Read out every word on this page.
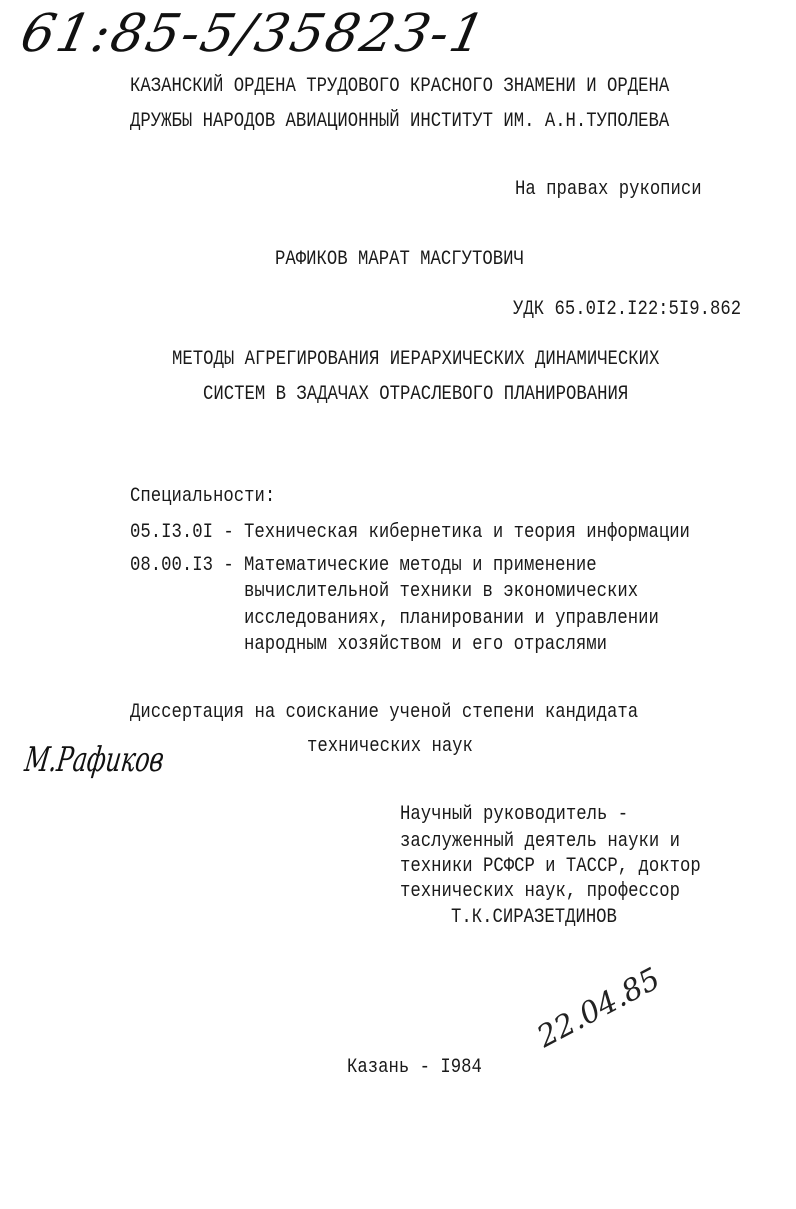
61:85-5/3582З-1
КАЗАНСКИЙ ОРДЕНА ТРУДОВОГО КРАСНОГО ЗНАМЕНИ И ОРДЕНА
ДРУЖБЫ НАРОДОВ АВИАЦИОННЫЙ ИНСТИТУТ ИМ. А.Н.ТУПОЛЕВА
На правах рукописи
РАФИКОВ МАРАТ МАСГУТОВИЧ
УДК 65.0I2.I22:5I9.862
МЕТОДЫ АГРЕГИРОВАНИЯ ИЕРАРХИЧЕСКИХ ДИНАМИЧЕСКИХ
СИСТЕМ В ЗАДАЧАХ ОТРАСЛЕВОГО ПЛАНИРОВАНИЯ
Специальности:
05.I3.0I - Техническая кибернетика и теория информации
08.00.I3 - Математические методы и применение
вычислительной техники в экономических
исследованиях, планировании и управлении
народным хозяйством и его отраслями
Диссертация на соискание ученой степени кандидата
технических наук
М.Рафиков
Научный руководитель -
заслуженный деятель науки и
техники РСФСР и ТАССР, доктор
технических наук, профессор
Т.К.СИРАЗЕТДИНОВ
22.04.85
Казань - I984
